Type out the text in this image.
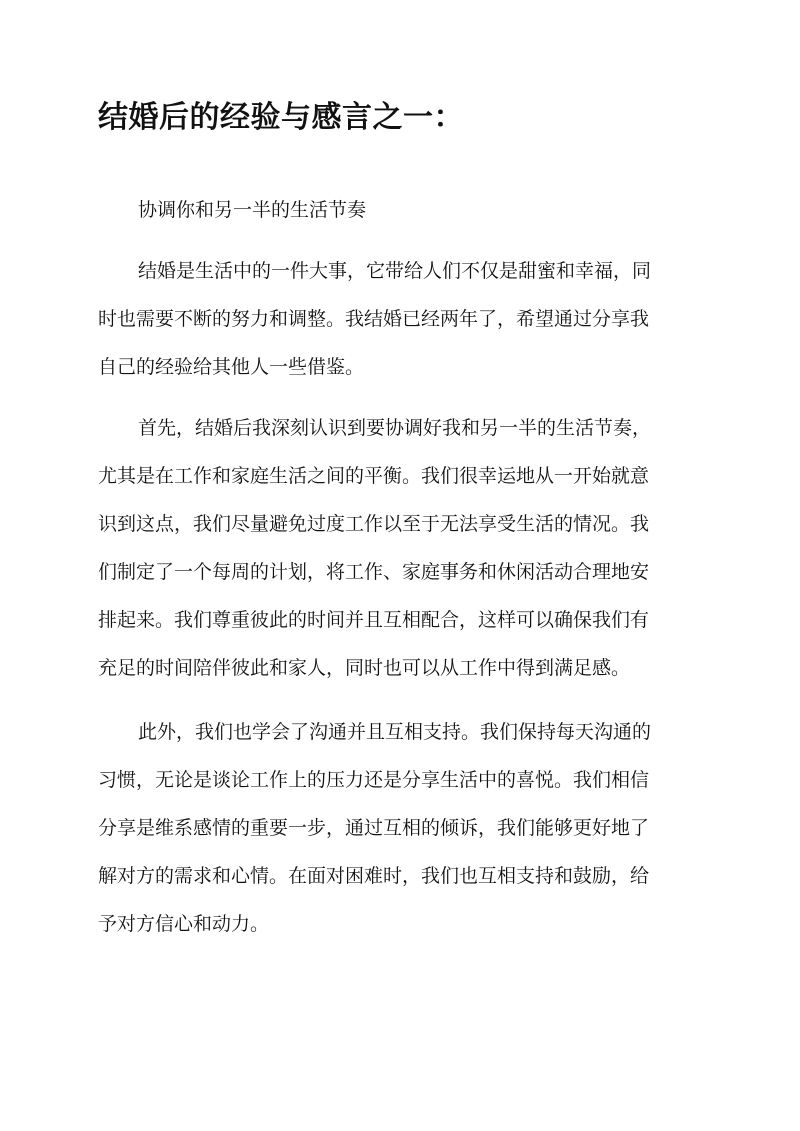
结婚后的经验与感言之一：

协调你和另一半的生活节奏

结婚是生活中的一件大事，它带给人们不仅是甜蜜和幸福，同

时也需要不断的努力和调整。我结婚已经两年了，希望通过分享我

自己的经验给其他人一些借鉴。

首先，结婚后我深刻认识到要协调好我和另一半的生活节奏，

尤其是在工作和家庭生活之间的平衡。我们很幸运地从一开始就意

识到这点，我们尽量避免过度工作以至于无法享受生活的情况。我

们制定了一个每周的计划，将工作、家庭事务和休闲活动合理地安

排起来。我们尊重彼此的时间并且互相配合，这样可以确保我们有

充足的时间陪伴彼此和家人，同时也可以从工作中得到满足感。

此外，我们也学会了沟通并且互相支持。我们保持每天沟通的

习惯，无论是谈论工作上的压力还是分享生活中的喜悦。我们相信

分享是维系感情的重要一步，通过互相的倾诉，我们能够更好地了

解对方的需求和心情。在面对困难时，我们也互相支持和鼓励，给

予对方信心和动力。
